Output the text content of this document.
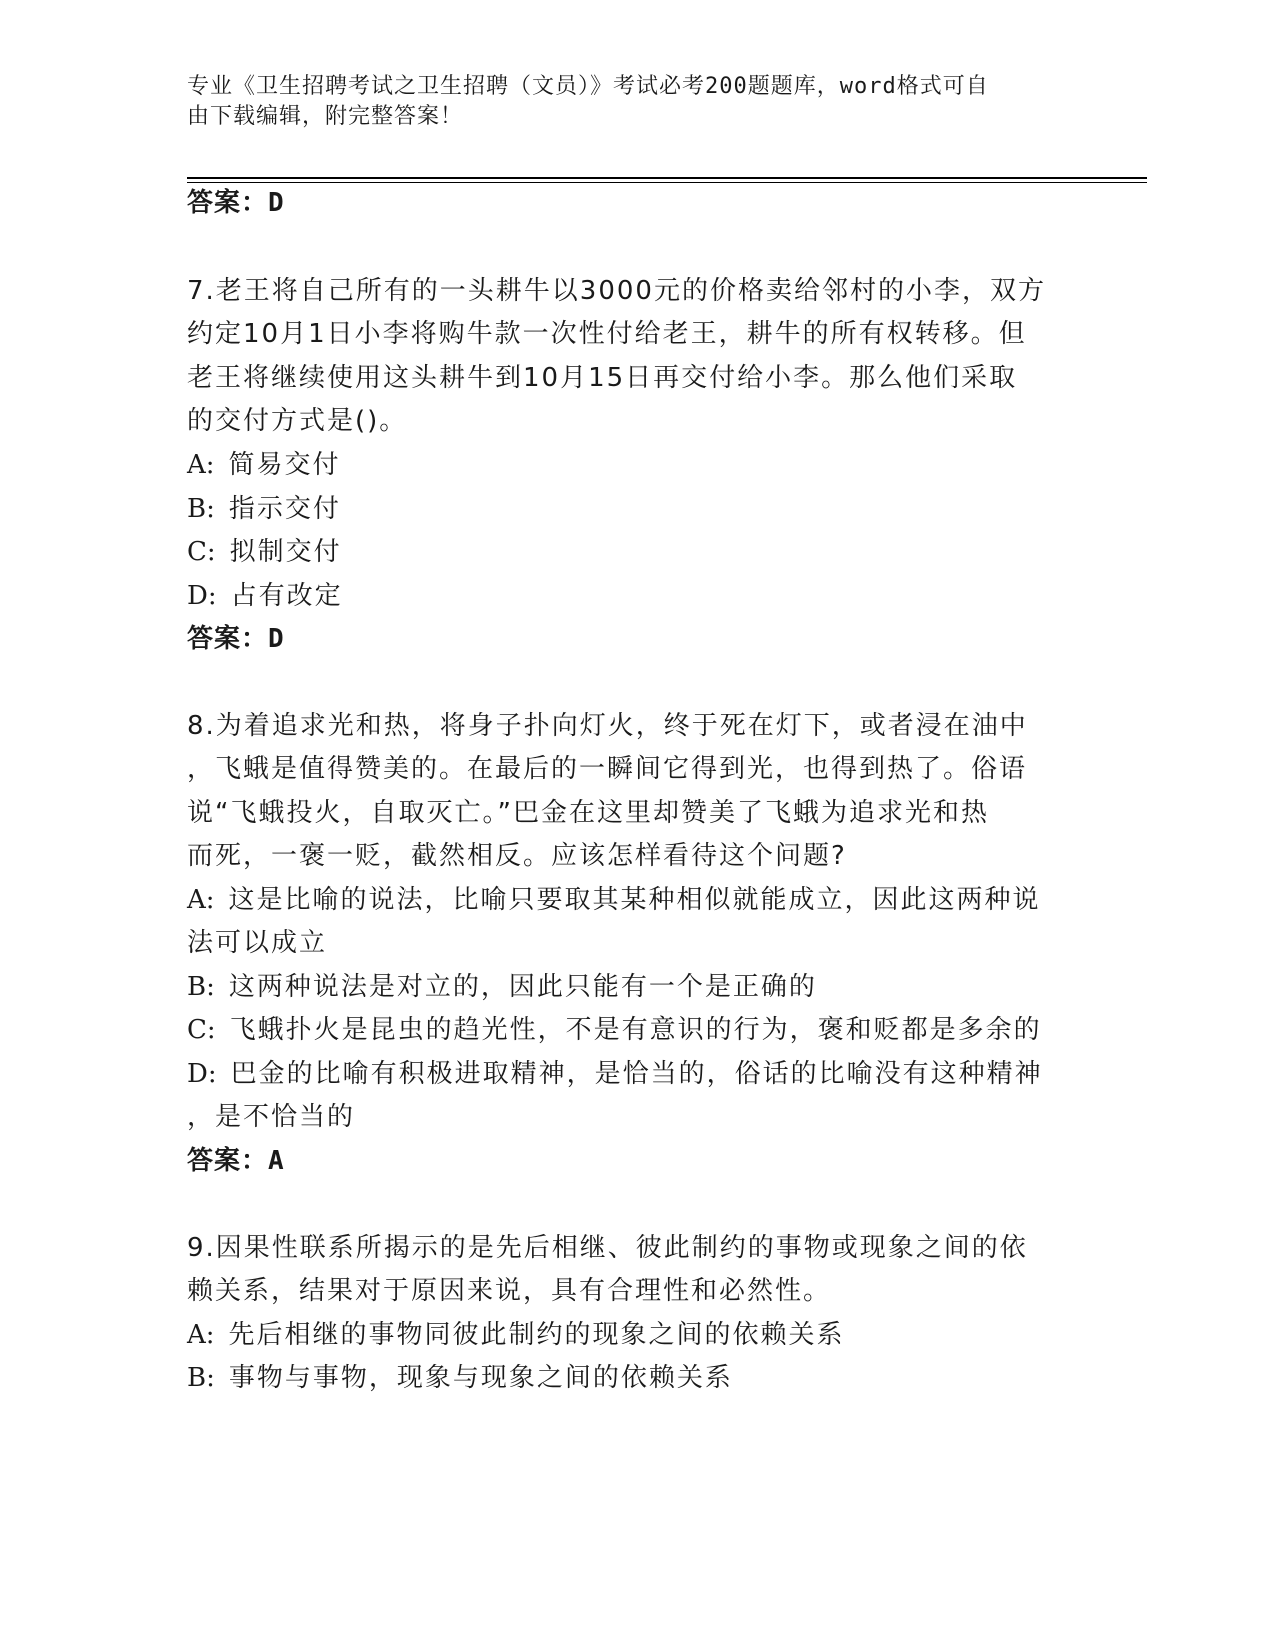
专业《卫生招聘考试之卫生招聘（文员）》考试必考200题题库，word格式可自
由下载编辑，附完整答案！
答案：D
7.老王将自己所有的一头耕牛以3000元的价格卖给邻村的小李，双方
约定10月1日小李将购牛款一次性付给老王，耕牛的所有权转移。但
老王将继续使用这头耕牛到10月15日再交付给小李。那么他们采取
的交付方式是()。
A: 简易交付
B: 指示交付
C: 拟制交付
D: 占有改定
答案：D
8.为着追求光和热，将身子扑向灯火，终于死在灯下，或者浸在油中
，飞蛾是值得赞美的。在最后的一瞬间它得到光，也得到热了。俗语
说“飞蛾投火，自取灭亡。”巴金在这里却赞美了飞蛾为追求光和热
而死，一褒一贬，截然相反。应该怎样看待这个问题?
A: 这是比喻的说法，比喻只要取其某种相似就能成立，因此这两种说
法可以成立
B: 这两种说法是对立的，因此只能有一个是正确的
C: 飞蛾扑火是昆虫的趋光性，不是有意识的行为，褒和贬都是多余的
D: 巴金的比喻有积极进取精神，是恰当的，俗话的比喻没有这种精神
，是不恰当的
答案：A
9.因果性联系所揭示的是先后相继、彼此制约的事物或现象之间的依
赖关系，结果对于原因来说，具有合理性和必然性。
A: 先后相继的事物同彼此制约的现象之间的依赖关系
B: 事物与事物，现象与现象之间的依赖关系
